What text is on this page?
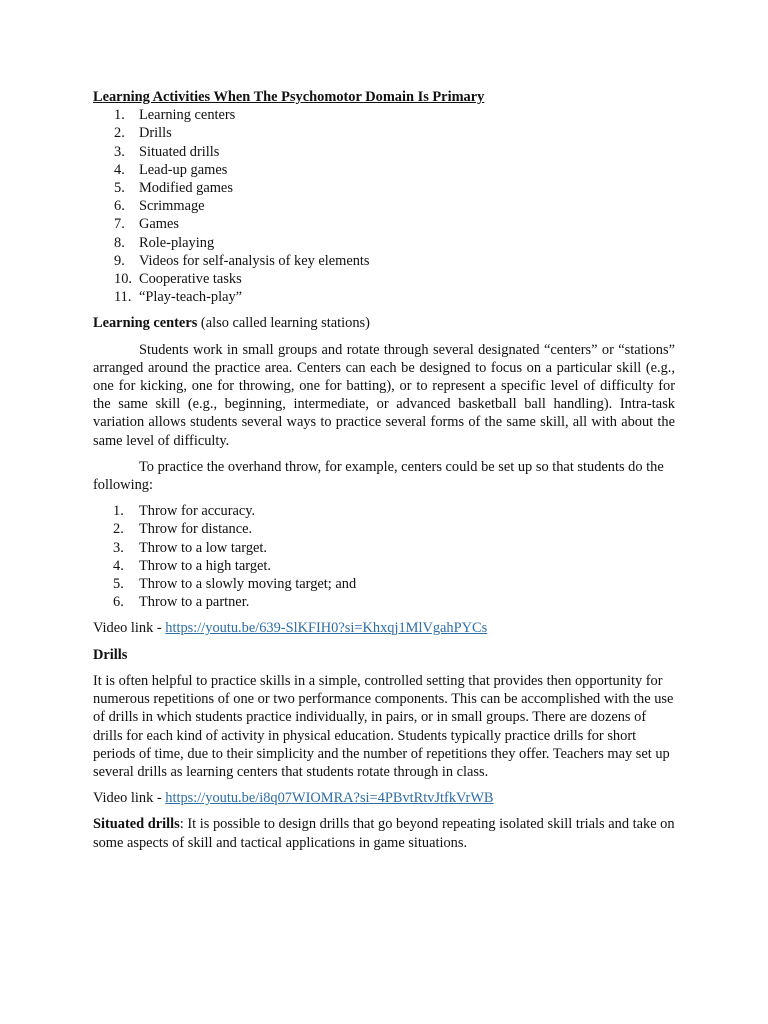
Learning Activities When The Psychomotor Domain Is Primary

1. Learning centers
2. Drills
3. Situated drills
4. Lead-up games
5. Modified games
6. Scrimmage
7. Games
8. Role-playing
9. Videos for self-analysis of key elements
10. Cooperative tasks
11. “Play-teach-play”

Learning centers (also called learning stations)

Students work in small groups and rotate through several designated “centers” or “stations” arranged around the practice area. Centers can each be designed to focus on a particular skill (e.g., one for kicking, one for throwing, one for batting), or to represent a specific level of difficulty for the same skill (e.g., beginning, intermediate, or advanced basketball ball handling). Intra-task variation allows students several ways to practice several forms of the same skill, all with about the same level of difficulty.

To practice the overhand throw, for example, centers could be set up so that students do the following:

1.	Throw for accuracy.
2.	Throw for distance.
3.	Throw to a low target.
4.	Throw to a high target.
5.	Throw to a slowly moving target; and
6.	Throw to a partner.

Video link - https://youtu.be/639-SlKFIH0?si=Khxqj1MlVgahPYCs

Drills

It is often helpful to practice skills in a simple, controlled setting that provides then opportunity for numerous repetitions of one or two performance components. This can be accomplished with the use of drills in which students practice individually, in pairs, or in small groups. There are dozens of drills for each kind of activity in physical education. Students typically practice drills for short periods of time, due to their simplicity and the number of repetitions they offer. Teachers may set up several drills as learning centers that students rotate through in class.

Video link - https://youtu.be/i8q07WIOMRA?si=4PBvtRtvJtfkVrWB

Situated drills: It is possible to design drills that go beyond repeating isolated skill trials and take on some aspects of skill and tactical applications in game situations.
